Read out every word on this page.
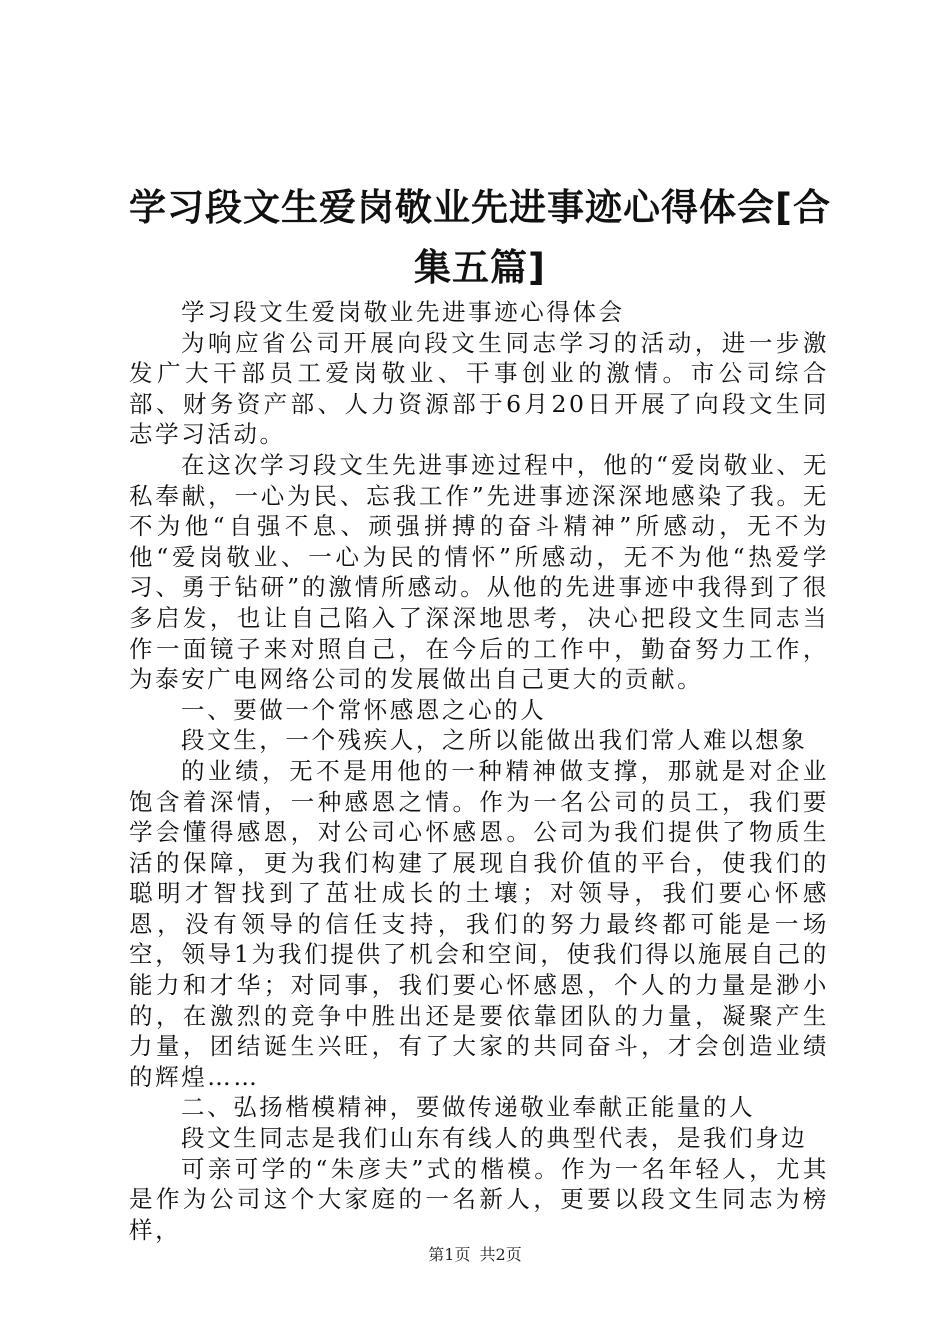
学习段文生爱岗敬业先进事迹心得体会[合集五篇]

学习段文生爱岗敬业先进事迹心得体会

为响应省公司开展向段文生同志学习的活动，进一步激发广大干部员工爱岗敬业、干事创业的激情。市公司综合部、财务资产部、人力资源部于6月20日开展了向段文生同志学习活动。

在这次学习段文生先进事迹过程中，他的“爱岗敬业、无私奉献，一心为民、忘我工作”先进事迹深深地感染了我。无不为他“自强不息、顽强拼搏的奋斗精神”所感动，无不为他“爱岗敬业、一心为民的情怀”所感动，无不为他“热爱学习、勇于钻研”的激情所感动。从他的先进事迹中我得到了很多启发，也让自己陷入了深深地思考，决心把段文生同志当作一面镜子来对照自己，在今后的工作中，勤奋努力工作，为泰安广电网络公司的发展做出自己更大的贡献。

一、要做一个常怀感恩之心的人

段文生，一个残疾人，之所以能做出我们常人难以想象

的业绩，无不是用他的一种精神做支撑，那就是对企业饱含着深情，一种感恩之情。作为一名公司的员工，我们要学会懂得感恩，对公司心怀感恩。公司为我们提供了物质生活的保障，更为我们构建了展现自我价值的平台，使我们的聪明才智找到了茁壮成长的土壤；对领导，我们要心怀感恩，没有领导的信任支持，我们的努力最终都可能是一场空，领导1为我们提供了机会和空间，使我们得以施展自己的能力和才华；对同事，我们要心怀感恩，个人的力量是渺小的，在激烈的竞争中胜出还是要依靠团队的力量，凝聚产生力量，团结诞生兴旺，有了大家的共同奋斗，才会创造业绩的辉煌……

二、弘扬楷模精神，要做传递敬业奉献正能量的人

段文生同志是我们山东有线人的典型代表，是我们身边

可亲可学的“朱彦夫”式的楷模。作为一名年轻人，尤其是作为公司这个大家庭的一名新人，更要以段文生同志为榜样，

第1页 共2页
